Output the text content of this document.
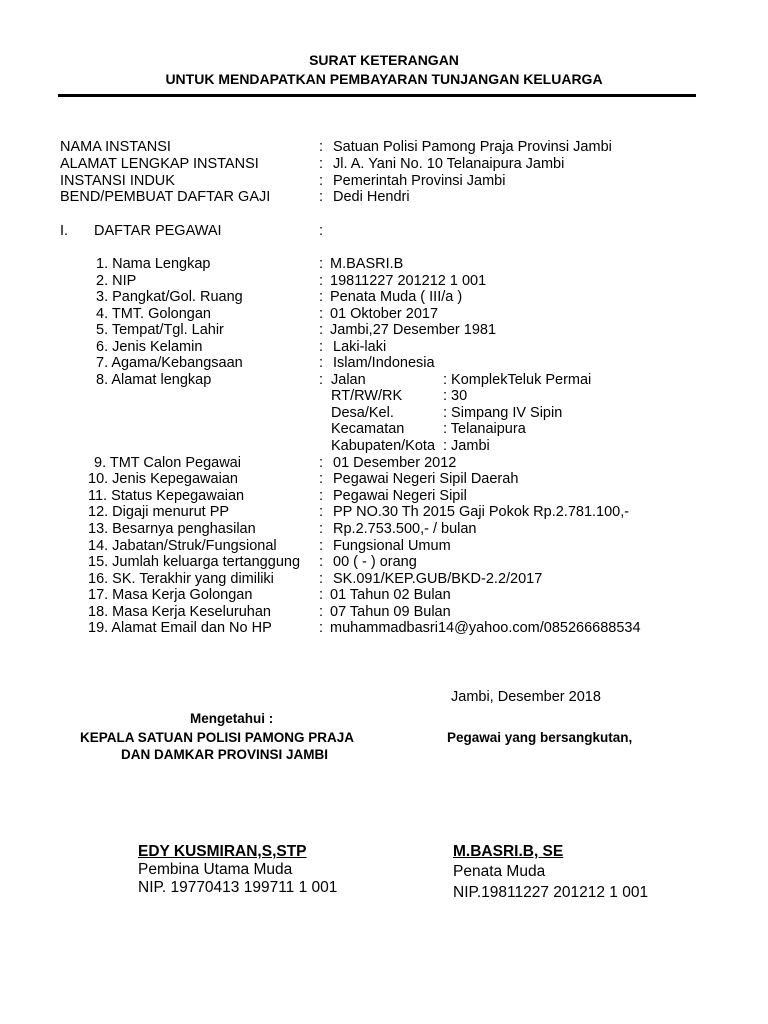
SURAT KETERANGAN
UNTUK MENDAPATKAN PEMBAYARAN TUNJANGAN KELUARGA
NAMA INSTANSI	: Satuan Polisi Pamong Praja Provinsi Jambi
ALAMAT LENGKAP INSTANSI	: Jl. A. Yani No. 10 Telanaipura Jambi
INSTANSI INDUK	: Pemerintah Provinsi Jambi
BEND/PEMBUAT DAFTAR GAJI	: Dedi Hendri
I. DAFTAR PEGAWAI	:
1. Nama Lengkap	: M.BASRI.B
2. NIP	: 19811227 201212 1 001
3. Pangkat/Gol. Ruang	: Penata Muda ( III/a )
4. TMT. Golongan	: 01 Oktober 2017
5. Tempat/Tgl. Lahir	: Jambi,27 Desember 1981
6. Jenis Kelamin	: Laki-laki
7. Agama/Kebangsaan	: Islam/Indonesia
8. Alamat lengkap	: Jalan	: KomplekTeluk Permai
RT/RW/RK	: 30
Desa/Kel.	: Simpang IV Sipin
Kecamatan	: Telanaipura
Kabupaten/Kota : Jambi
9. TMT Calon Pegawai	: 01 Desember 2012
10. Jenis Kepegawaian	: Pegawai Negeri Sipil Daerah
11. Status Kepegawaian	: Pegawai Negeri Sipil
12. Digaji menurut PP	: PP NO.30 Th 2015 Gaji Pokok Rp.2.781.100,-
13. Besarnya penghasilan	: Rp.2.753.500,- / bulan
14. Jabatan/Struk/Fungsional	: Fungsional Umum
15. Jumlah keluarga tertanggung : 00 ( - ) orang
16. SK. Terakhir yang dimiliki	: SK.091/KEP.GUB/BKD-2.2/2017
17. Masa Kerja Golongan	: 01 Tahun 02 Bulan
18. Masa Kerja Keseluruhan	: 07 Tahun 09 Bulan
19. Alamat Email dan No HP	: muhammadbasri14@yahoo.com/085266688534
Jambi, Desember 2018
Mengetahui :
KEPALA SATUAN POLISI PAMONG PRAJA
DAN DAMKAR PROVINSI JAMBI
Pegawai yang bersangkutan,
EDY KUSMIRAN,S,STP
Pembina Utama Muda
NIP. 19770413 199711 1 001
M.BASRI.B, SE
Penata Muda
NIP.19811227 201212 1 001
